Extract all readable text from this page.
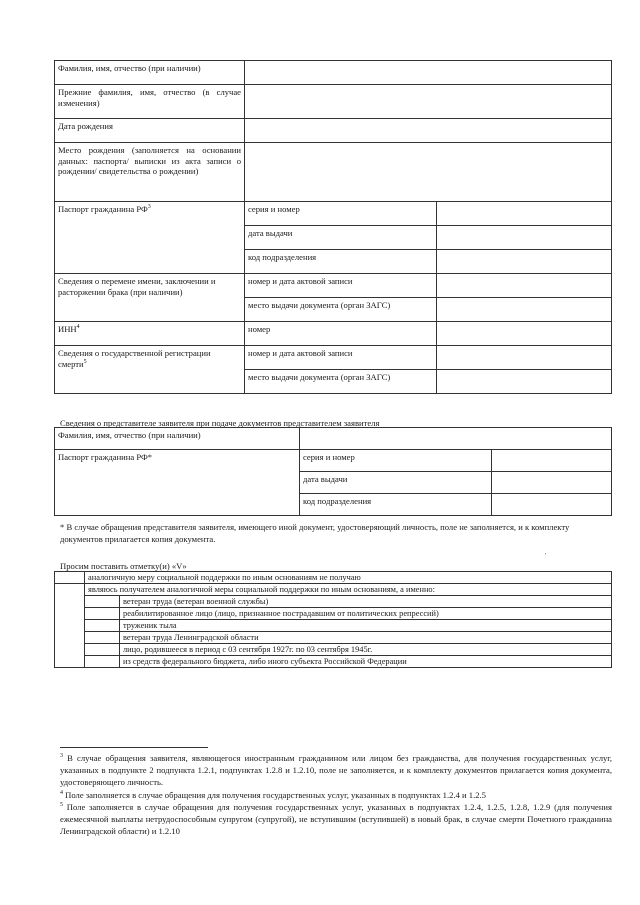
Фамилия, имя, отчество (при наличии)		
Прежние фамилия, имя, отчество (в случае изменения)		
Дата рождения		
Место рождения (заполняется на основании данных: паспорта/ выписки из акта записи о рождении/ свидетельства о рождении)		
Паспорт гражданина $РФ^3$	серия и номер	
	дата выдачи	
	код подразделения	
Сведения о перемене имени, заключении и расторжении брака (при наличии)	номер и дата актовой записи	
	место выдачи документа (орган ЗАГС)	
ИНН$^4$	номер	
Сведения о государственной регистрации смерти$^5$	номер и дата актовой записи	
	место выдачи документа (орган ЗАГС)	
Сведения о представителе заявителя при подаче документов представителем заявителя
Фамилия, имя, отчество (при наличии)		
Паспорт гражданина РФ*	серия и номер	
	дата выдачи	
	код подразделения	
* В случае обращения представителя заявителя, имеющего иной документ, удостоверяющий личность, поле не заполняется, и к комплекту документов прилагается копия документа.
Просим поставить отметку(и) «V»
'
	аналогичную меру социальной поддержки по иным основаниям не получаю	
	являюсь получателем аналогичной меры социальной поддержки по иным основаниям, а именно:	
		ветеран труда (ветеран военной службы)
		реабилитированное лицо (лицо, признанное пострадавшим от политических репрессий)
		труженик тыла
		ветеран труда Ленинградской области
		лицо, родившееся в период с 03 сентября 1927г. по 03 сентября 1945г.
		из средств федерального бюджета, либо иного субъекта Российской Федерации

$^3$ В случае обращения заявителя, являющегося иностранным гражданином или лицом без гражданства, для получения государственных услуг, указанных в подпункте 2 подпункта 1.2.1, подпунктах 1.2.8 и 1.2.10, поле не заполняется, и к комплекту документов прилагается копия документа, удостоверяющего личность.

$^4$ Поле заполняется в случае обращения для получения государственных услуг, указанных в подпунктах 1.2.4 и 1.2.5

$^5$ Поле заполняется в случае обращения для получения государственных услуг, указанных в подпунктах 1.2.4, 1.2.5, 1.2.8, 1.2.9 (для получения ежемесячной выплаты нетрудоспособным супругом (супругой), не вступившим (вступившей) в новый брак, в случае смерти Почетного гражданина Ленинградской области) и 1.2.10
